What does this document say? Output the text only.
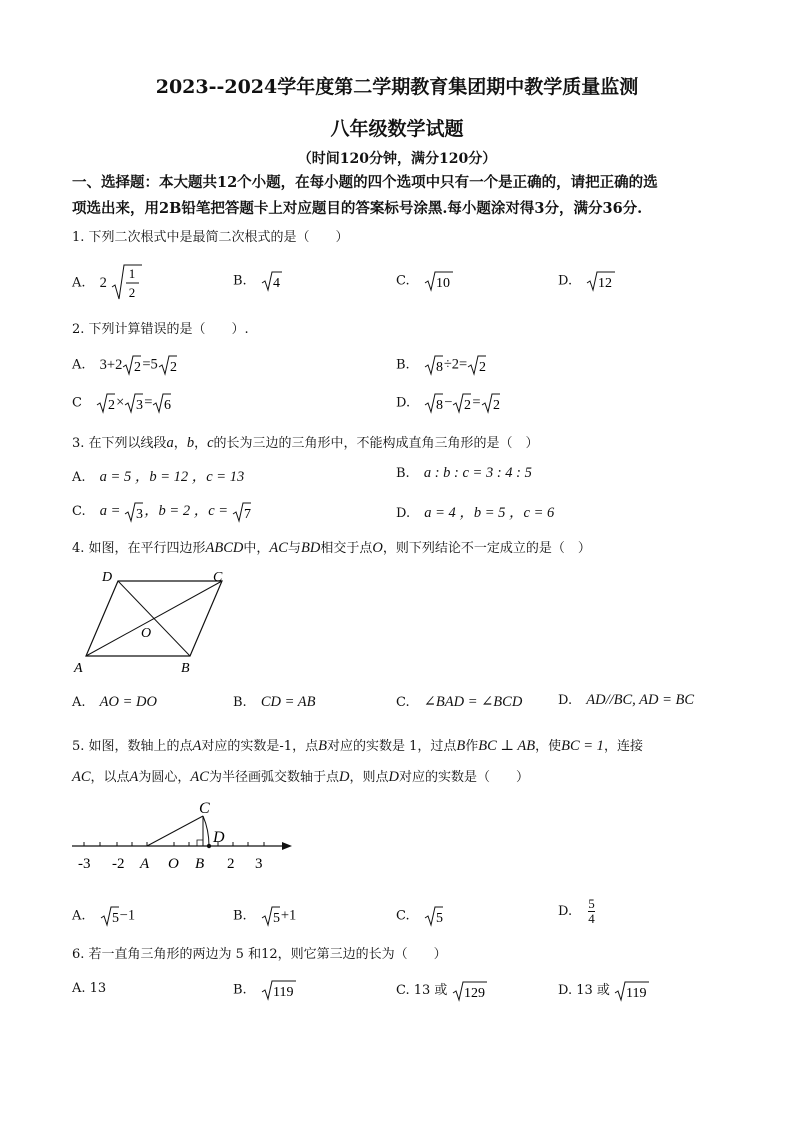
2023--2024学年度第二学期教育集团期中教学质量监测
八年级数学试题
（时间120分钟，满分120分）
一、选择题：本大题共12个小题，在每小题的四个选项中只有一个是正确的，请把正确的选
项选出来，用2B铅笔把答题卡上对应题目的答案标号涂黑.每小题涂对得3分，满分36分.
1. 下列二次根式中是最简二次根式的是（　　）
A. 2
1
2
B. 4	C. 10	D. 12
2. 下列计算错误的是（　　）.
A. 3+2 2 =5 2	B. 8 ÷2= 2
C 2 × 3 = 6	D. 8 − 2 = 2
3. 在下列以线段a，b，c的长为三边的三角形中，不能构成直角三角形的是（　）
A. a = 5 ，b = 12 ，c = 13	B. a : b : c = 3 : 4 : 5
C. a = 3 ，b = 2 ，c = 7	D. a = 4 ，b = 5 ，c = 6
4. 如图，在平行四边形ABCD中，AC与BD相交于点O，则下列结论不一定成立的是（　）
D	C
A	B
O
A. AO = DO	B. CD = AB	C. ∠BAD = ∠BCD	D. AD//BC, AD = BC
5. 如图，数轴上的点A对应的实数是-1，点B对应的实数是 1，过点B作BC ⊥ AB，使BC = 1，连接
AC，以点A为圆心，AC为半径画弧交数轴于点D，则点D对应的实数是（　　）
C
D
-3 -2 A O B 2 3
A. 5 −1	B. 5 +1	C. 5	D. $\frac{5}{4}$
6. 若一直角三角形的两边为 5 和12，则它第三边的长为（　　）
A. 13	B. 119	C. 13 或 129	D. 13 或 119
